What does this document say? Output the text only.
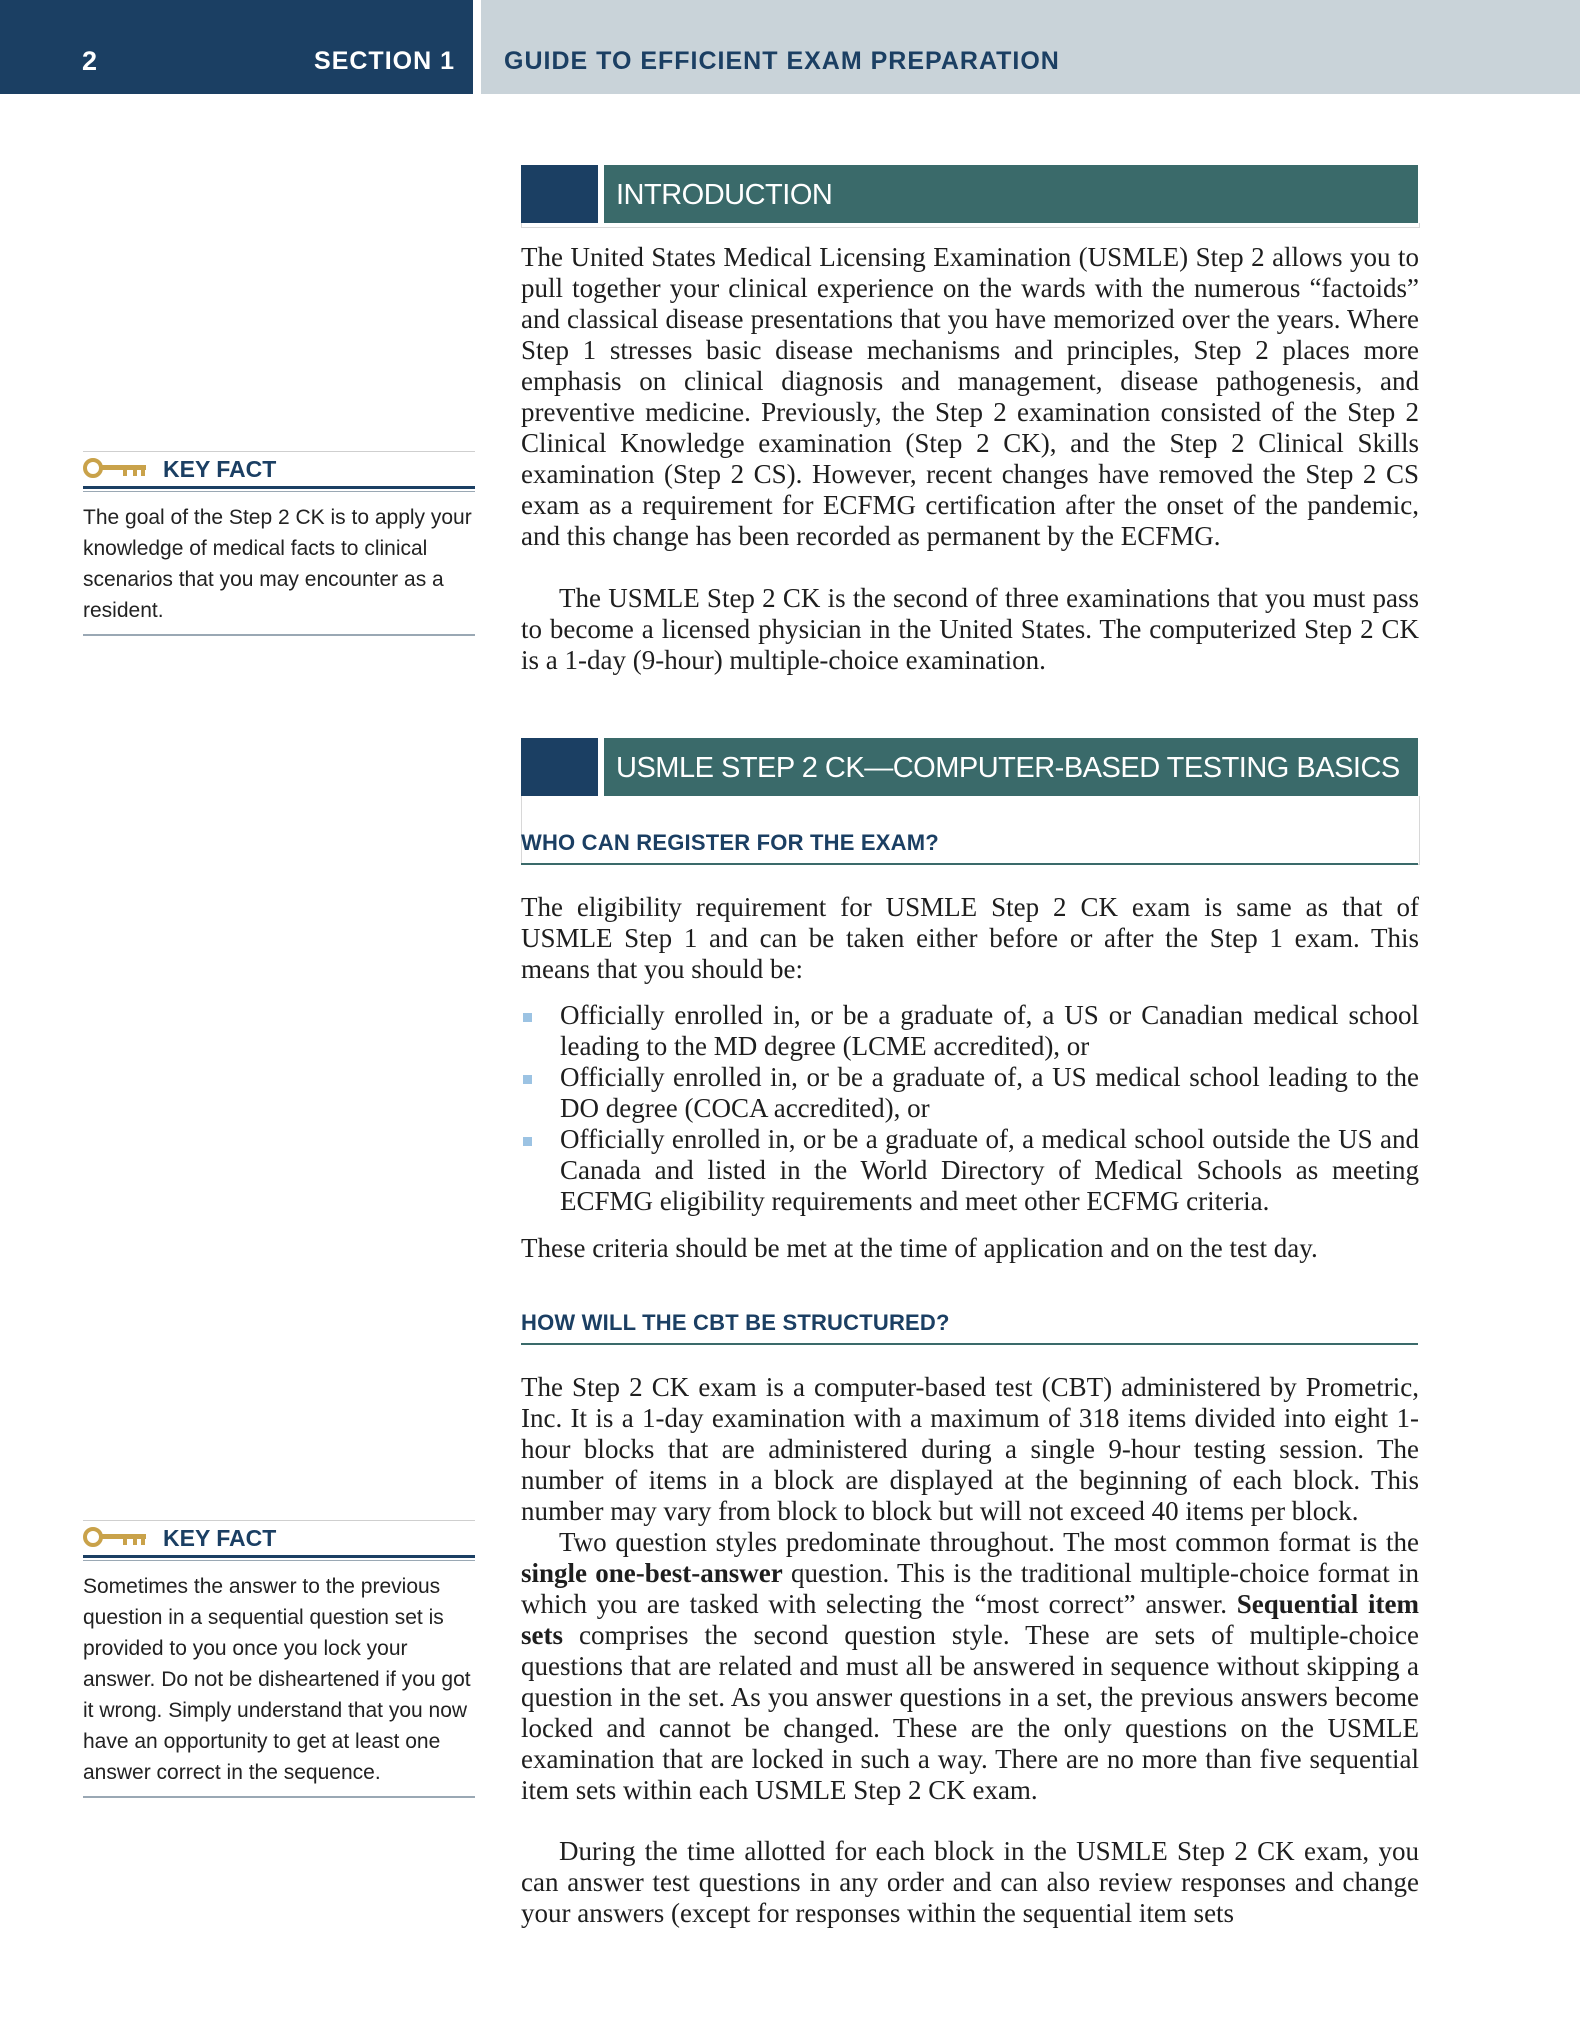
2	SECTION 1 GUIDE TO EFFICIENT EXAM PREPARATION
INTRODUCTION

The United States Medical Licensing Examination (USMLE) Step 2 allows you to pull together your clinical experience on the wards with the numerous “factoids” and classical disease presentations that you have memorized over the years. Where Step 1 stresses basic disease mechanisms and principles, Step 2 places more emphasis on clinical diagnosis and management, disease pathogenesis, and preventive medicine. Previously, the Step 2 examination consisted of the Step 2 Clinical Knowledge examination (Step 2 CK), and the Step 2 Clinical Skills examination (Step 2 CS). However, recent changes have removed the Step 2 CS exam as a requirement for ECFMG certification after the onset of the pandemic, and this change has been recorded as permanent by the ECFMG.

The USMLE Step 2 CK is the second of three examinations that you must pass to become a licensed physician in the United States. The computerized Step 2 CK is a 1-day (9-hour) multiple-choice examination.

USMLE STEP 2 CK—COMPUTER-BASED TESTING BASICS
WHO CAN REGISTER FOR THE EXAM?

The eligibility requirement for USMLE Step 2 CK exam is same as that of USMLE Step 1 and can be taken either before or after the Step 1 exam. This means that you should be:

Officially enrolled in, or be a graduate of, a US or Canadian medical school leading to the MD degree (LCME accredited), or
Officially enrolled in, or be a graduate of, a US medical school leading to the DO degree (COCA accredited), or
Officially enrolled in, or be a graduate of, a medical school outside the US and Canada and listed in the World Directory of Medical Schools as meeting ECFMG eligibility requirements and meet other ECFMG criteria.

These criteria should be met at the time of application and on the test day.

HOW WILL THE CBT BE STRUCTURED?

The Step 2 CK exam is a computer-based test (CBT) administered by Prometric, Inc. It is a 1-day examination with a maximum of 318 items divided into eight 1-hour blocks that are administered during a single 9-hour testing session. The number of items in a block are displayed at the beginning of each block. This number may vary from block to block but will not exceed 40 items per block.

Two question styles predominate throughout. The most common format is the single one-best-answer question. This is the traditional multiple-choice format in which you are tasked with selecting the “most correct” answer. Sequential item sets comprises the second question style. These are sets of multiple-choice questions that are related and must all be answered in sequence without skipping a question in the set. As you answer questions in a set, the previous answers become locked and cannot be changed. These are the only questions on the USMLE examination that are locked in such a way. There are no more than five sequential item sets within each USMLE Step 2 CK exam.

During the time allotted for each block in the USMLE Step 2 CK exam, you can answer test questions in any order and can also review responses and change your answers (except for responses within the sequential item sets

KEY FACT
The goal of the Step 2 CK is to apply your knowledge of medical facts to clinical scenarios that you may encounter as a resident.
KEY FACT
Sometimes the answer to the previous question in a sequential question set is provided to you once you lock your answer. Do not be disheartened if you got it wrong. Simply understand that you now have an opportunity to get at least one answer correct in the sequence.
